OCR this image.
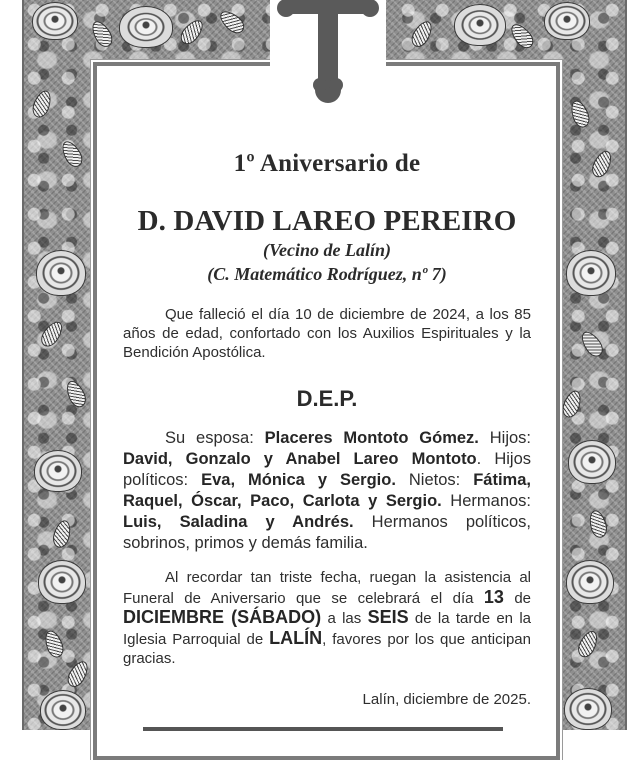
1º Aniversario de

D. DAVID LAREO PEREIRO

(Vecino de Lalín)

(C. Matemático Rodríguez, nº 7)

Que falleció el día 10 de diciembre de 2024, a los 85 años de edad, confortado con los Auxilios Espirituales y la Bendición Apostólica.

D.E.P.

Su esposa: Placeres Montoto Gómez. Hijos: David, Gonzalo y Anabel Lareo Montoto. Hijos políticos: Eva, Mónica y Sergio. Nietos: Fátima, Raquel, Óscar, Paco, Carlota y Sergio. Hermanos: Luis, Saladina y Andrés. Hermanos políticos, sobrinos, primos y demás familia.

Al recordar tan triste fecha, ruegan la asistencia al Funeral de Aniversario que se celebrará el día 13 de DICIEMBRE (SÁBADO) a las SEIS de la tarde en la Iglesia Parroquial de LALÍN, favores por los que anticipan gracias.

Lalín, diciembre de 2025.
